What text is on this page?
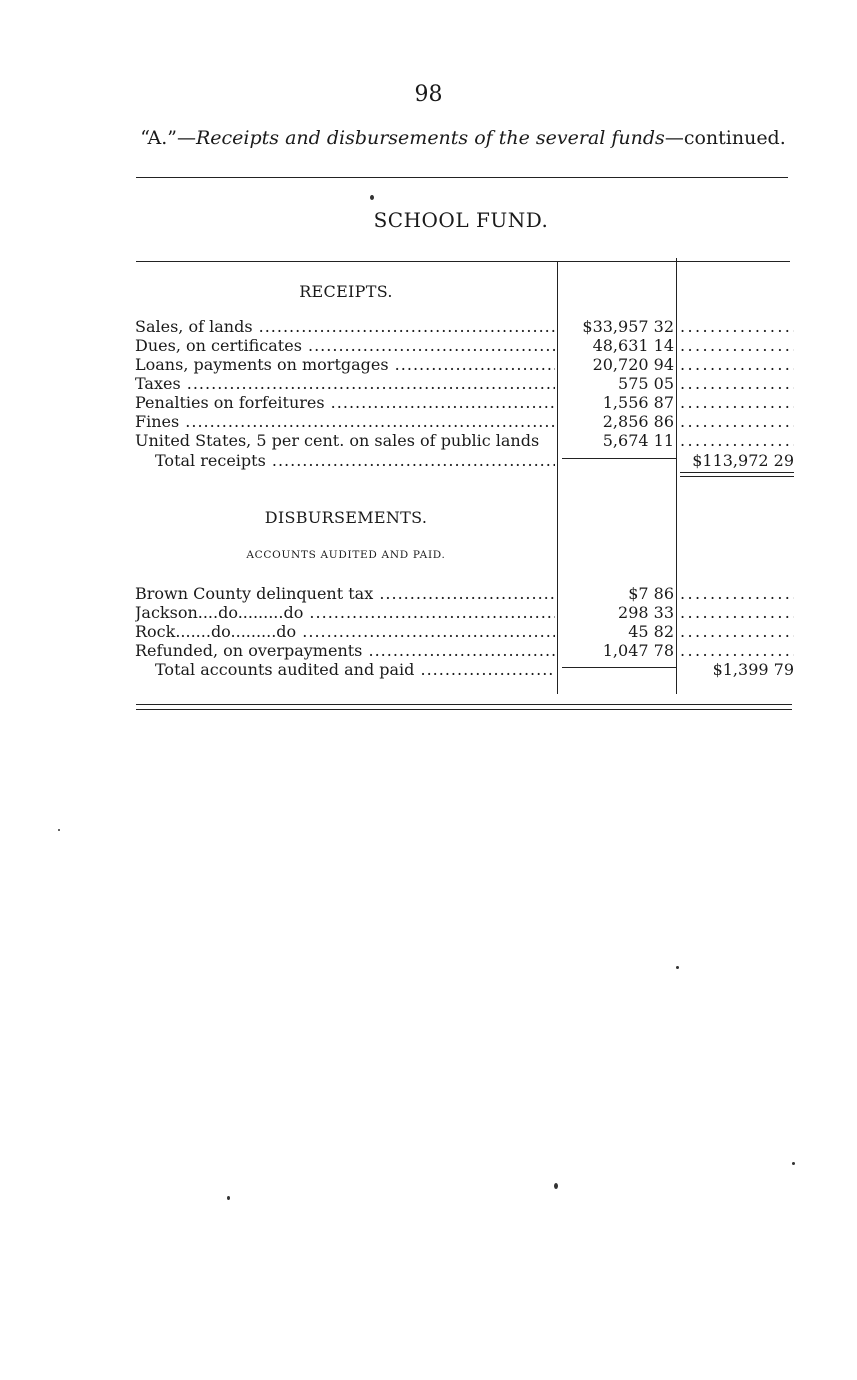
98
“A.”—Receipts and disbursements of the several funds—continued.
SCHOOL FUND.
RECEIPTS.
Sales, of lands .....	$33,957 32
.....
Dues, on certificates .....	48,631 14
.....
Loans, payments on mortgages .....	20,720 94
.....
Taxes .....	575 05
.....
Penalties on forfeitures .....	1,556 87
.....
Fines .....	2,856 86
.....
United States, 5 per cent. on sales of public lands	5,674 11
.....
Total receipts .....	$113,972 29
DISBURSEMENTS.
ACCOUNTS AUDITED AND PAID.
Brown County delinquent tax .....	$7 86
.....
Jackson....do.........do .....	298 33
.....
Rock.......do.........do .....	45 82
.....
Refunded, on overpayments .....	1,047 78
.....
Total accounts audited and paid .....	$1,399 79
